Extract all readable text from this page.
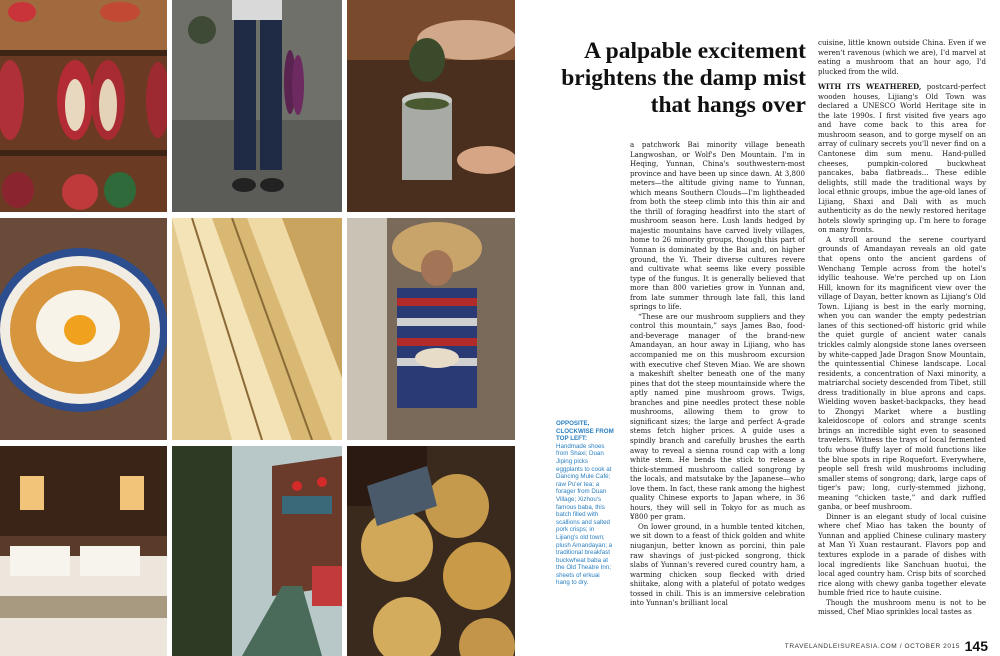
OPPOSITE, CLOCKWISE FROM TOP LEFT:
Handmade shoes from Shaxi; Duan Jiping picks eggplants to cook at Dancing Mule Café; raw Pu'er tea; a forager from Duan Village; Xizhou's famous baba, this batch filled with scallions and salted pork crisps; in Lijiang's old town; plush Amandayan; a traditional breakfast buckwheat baba at the Old Theatre Inn; sheets of erkuai hang to dry.
A palpable excitement brightens the damp mist that hangs over

a patchwork Bai minority village beneath Langwoshan, or Wolf's Den Mountain. I'm in Heqing, Yunnan, China's southwestern-most province and have been up since dawn. At 3,800 meters—the altitude giving name to Yunnan, which means Southern Clouds—I'm lightheaded from both the steep climb into this thin air and the thrill of foraging headfirst into the start of mushroom season here. Lush lands hedged by majestic mountains have carved lively villages, home to 26 minority groups, though this part of Yunnan is dominated by the Bai and, on higher ground, the Yi. Their diverse cultures revere and cultivate what seems like every possible type of the fungus. It is generally believed that more than 800 varieties grow in Yunnan and, from late summer through late fall, this land springs to life.

“These are our mushroom suppliers and they control this mountain,” says James Bao, food-and-beverage manager of the brand-new Amandayan, an hour away in Lijiang, who has accompanied me on this mushroom excursion with executive chef Steven Miao. We are shown a makeshift shelter beneath one of the many pines that dot the steep mountainside where the aptly named pine mushroom grows. Twigs, branches and pine needles protect these noble mushrooms, allowing them to grow to significant sizes; the large and perfect A-grade stems fetch higher prices. A guide uses a spindly branch and carefully brushes the earth away to reveal a sienna round cap with a long white stem. He bends the stick to release a thick-stemmed mushroom called songrong by the locals, and matsutake by the Japanese—who love them. In fact, these rank among the highest quality Chinese exports to Japan where, in 36 hours, they will sell in Tokyo for as much as ¥800 per gram.

On lower ground, in a humble tented kitchen, we sit down to a feast of thick golden and white niuganjun, better known as porcini, thin pale raw shavings of just-picked songrong, thick slabs of Yunnan's revered cured country ham, a warming chicken soup flecked with dried shiitake, along with a plateful of potato wedges tossed in chili. This is an immersive celebration into Yunnan's brilliant local

cuisine, little known outside China. Even if we weren't ravenous (which we are), I'd marvel at eating a mushroom that an hour ago, I'd plucked from the wild.

WITH ITS WEATHERED, postcard-perfect wooden houses, Lijiang's Old Town was declared a UNESCO World Heritage site in the late 1990s. I first visited five years ago and have come back to this area for mushroom season, and to gorge myself on an array of culinary secrets you'll never find on a Cantonese dim sum menu. Hand-pulled cheeses, pumpkin-colored buckwheat pancakes, baba flatbreads... These edible delights, still made the traditional ways by local ethnic groups, imbue the age-old lanes of Lijiang, Shaxi and Dali with as much authenticity as do the newly restored heritage hotels slowly springing up. I'm here to forage on many fronts.

A stroll around the serene courtyard grounds of Amandayan reveals an old gate that opens onto the ancient gardens of Wenchang Temple across from the hotel's idyllic teahouse. We're perched up on Lion Hill, known for its magnificent view over the village of Dayan, better known as Lijiang's Old Town. Lijiang is best in the early morning, when you can wander the empty pedestrian lanes of this sectioned-off historic grid while the quiet gurgle of ancient water canals trickles calmly alongside stone lanes overseen by white-capped Jade Dragon Snow Mountain, the quintessential Chinese landscape. Local residents, a concentration of Naxi minority, a matriarchal society descended from Tibet, still dress traditionally in blue aprons and caps. Wielding woven basket-backpacks, they head to Zhongyi Market where a bustling kaleidoscope of colors and strange scents brings an incredible sight even to seasoned travelers. Witness the trays of local fermented tofu whose fluffy layer of mold functions like the blue spots in ripe Roquefort. Everywhere, people sell fresh wild mushrooms including smaller stems of songrong; dark, large caps of tiger's paw; long, curly-stemmed jizhong, meaning “chicken taste,” and dark ruffled ganba, or beef mushroom.

Dinner is an elegant study of local cuisine where chef Miao has taken the bounty of Yunnan and applied Chinese culinary mastery at Man Yi Xuan restaurant. Flavors pop and textures explode in a parade of dishes with local ingredients like Sanchuan huotui, the local aged country ham. Crisp bits of scorched rice along with chewy ganba together elevate humble fried rice to haute cuisine.

Though the mushroom menu is not to be missed, Chef Miao sprinkles local tastes as

TRAVELANDLEISUREASIA.COM / OCTOBER 2015 145
